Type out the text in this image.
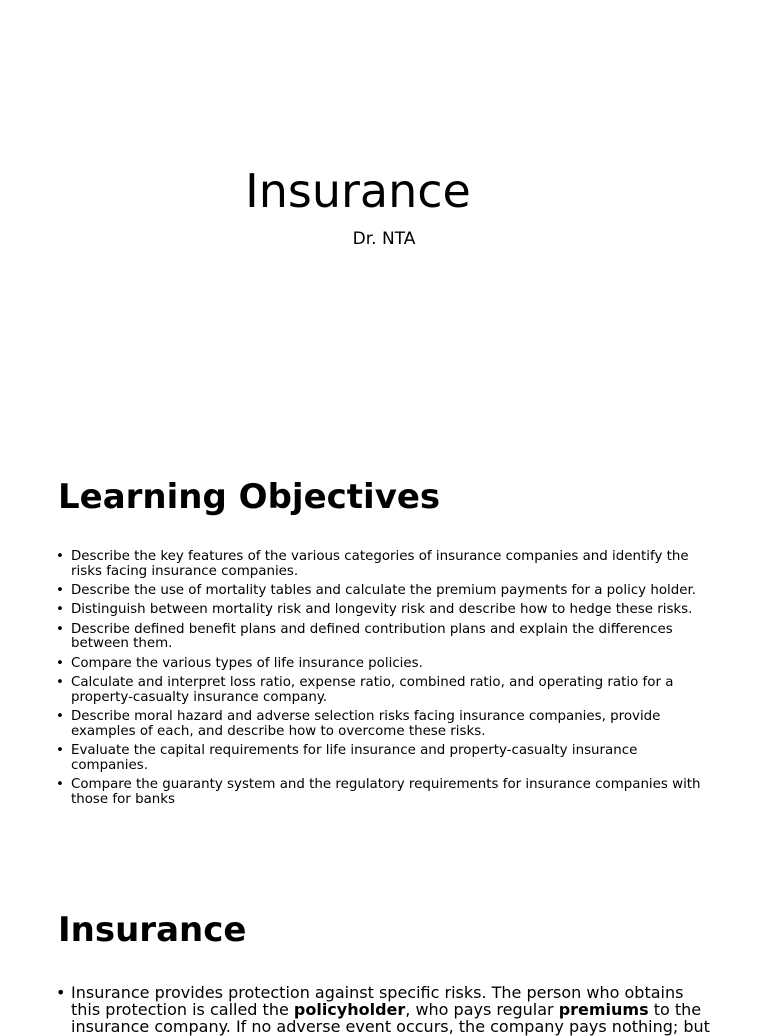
Insurance

Dr. NTA

Learning Objectives
• Describe the key features of the various categories of insurance companies and identify the risks facing insurance companies.
• Describe the use of mortality tables and calculate the premium payments for a policy holder.
• Distinguish between mortality risk and longevity risk and describe how to hedge these risks.
• Describe defined benefit plans and defined contribution plans and explain the differences between them.
• Compare the various types of life insurance policies.
• Calculate and interpret loss ratio, expense ratio, combined ratio, and operating ratio for a property-casualty insurance company.
• Describe moral hazard and adverse selection risks facing insurance companies, provide examples of each, and describe how to overcome these risks.
• Evaluate the capital requirements for life insurance and property-casualty insurance companies.
• Compare the guaranty system and the regulatory requirements for insurance companies with those for banks
Insurance
• Insurance provides protection against specific risks. The person who obtains this protection is called the policyholder, who pays regular premiums to the insurance company. If no adverse event occurs, the company pays nothing; but
